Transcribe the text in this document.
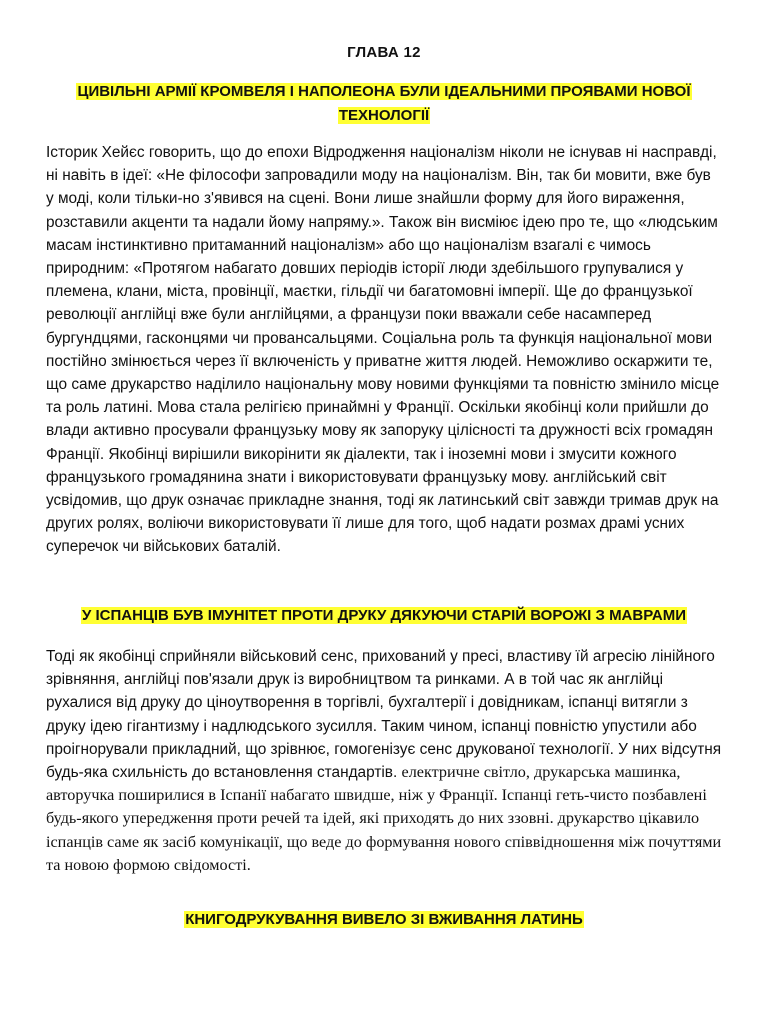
ГЛАВА 12
ЦИВІЛЬНІ АРМІЇ КРОМВЕЛЯ І НАПОЛЕОНА БУЛИ ІДЕАЛЬНИМИ ПРОЯВАМИ НОВОЇ ТЕХНОЛОГІЇ

Історик Хейєс говорить, що до епохи Відродження націоналізм ніколи не існував ні насправді, ні навіть в ідеї: «Не філософи запровадили моду на націоналізм. Він, так би мовити, вже був у моді, коли тільки-но з'явився на сцені. Вони лише знайшли форму для його вираження, розставили акценти та надали йому напряму.». Також він висміює ідею про те, що «людським масам інстинктивно притаманний націоналізм» або що націоналізм взагалі є чимось природним: «Протягом набагато довших періодів історії люди здебільшого групувалися у племена, клани, міста, провінції, маєтки, гільдії чи багатомовні імперії. Ще до французької революції англійці вже були англійцями, а французи поки вважали себе насамперед бургундцями, гасконцями чи провансальцями. Соціальна роль та функція національної мови постійно змінюється через її включеність у приватне життя людей. Неможливо оскаржити те, що саме друкарство наділило національну мову новими функціями та повністю змінило місце та роль латині. Мова стала релігією принаймні у Франції. Оскільки якобінці коли прийшли до влади активно просували французьку мову як запоруку цілісності та дружності всіх громадян Франції. Якобінці вирішили викорінити як діалекти, так і іноземні мови і змусити кожного французького громадянина знати і використовувати французьку мову. англійський світ усвідомив, що друк означає прикладне знання, тоді як латинський світ завжди тримав друк на других ролях, воліючи використовувати її лише для того, щоб надати розмах драмі усних суперечок чи військових баталій.

У ІСПАНЦІВ БУВ ІМУНІТЕТ ПРОТИ ДРУКУ ДЯКУЮЧИ СТАРІЙ ВОРОЖІ З МАВРАМИ

Тоді як якобінці сприйняли військовий сенс, прихований у пресі, властиву їй агресію лінійного зрівняння, англійці пов'язали друк із виробництвом та ринками. А в той час як англійці рухалися від друку до ціноутворення в торгівлі, бухгалтерії і довідникам, іспанці витягли з друку ідею гігантизму і надлюдського зусилля. Таким чином, іспанці повністю упустили або проігнорували прикладний, що зрівнює, гомогенізує сенс друкованої технології. У них відсутня будь-яка схильність до встановлення стандартів. електричне світло, друкарська машинка, авторучка поширилися в Іспанії набагато швидше, ніж у Франції. Іспанці геть-чисто позбавлені будь-якого упередження проти речей та ідей, які приходять до них ззовні. друкарство цікавило іспанців саме як засіб комунікації, що веде до формування нового співвідношення між почуттями та новою формою свідомості.

КНИГОДРУКУВАННЯ ВИВЕЛО ЗІ ВЖИВАННЯ ЛАТИНЬ
